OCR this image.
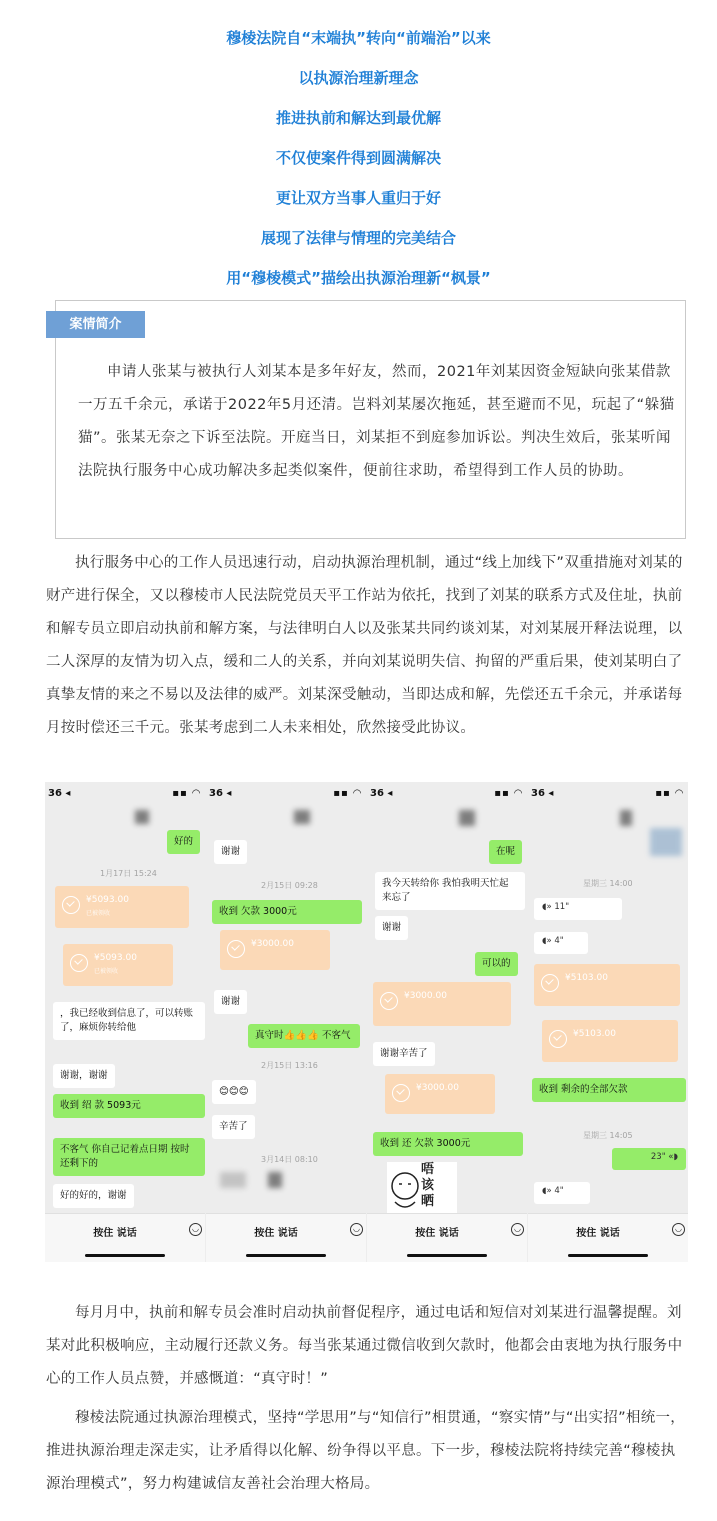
穆棱法院自“末端执”转向“前端治”以来

以执源治理新理念

推进执前和解达到最优解

不仅使案件得到圆满解决

更让双方当事人重归于好

展现了法律与情理的完美结合

用“穆棱模式”描绘出执源治理新“枫景”

案情简介

申请人张某与被执行人刘某本是多年好友，然而，2021年刘某因资金短缺向张某借款一万五千余元，承诺于2022年5月还清。岂料刘某屡次拖延，甚至避而不见，玩起了“躲猫猫”。张某无奈之下诉至法院。开庭当日，刘某拒不到庭参加诉讼。判决生效后，张某听闻法院执行服务中心成功解决多起类似案件，便前往求助，希望得到工作人员的协助。

执行服务中心的工作人员迅速行动，启动执源治理机制，通过“线上加线下”双重措施对刘某的财产进行保全，又以穆棱市人民法院党员天平工作站为依托，找到了刘某的联系方式及住址，执前和解专员立即启动执前和解方案，与法律明白人以及张某共同约谈刘某，对刘某展开释法说理，以二人深厚的友情为切入点，缓和二人的关系，并向刘某说明失信、拘留的严重后果，使刘某明白了真挚友情的来之不易以及法律的威严。刘某深受触动，当即达成和解，先偿还五千余元，并承诺每月按时偿还三千元。张某考虑到二人未来相处，欣然接受此协议。

36 ◂	▪▪ ◠
好的
1月17日 15:24
¥5093.00
已被领收
¥5093.00
已被领收
，我已经收到信息了，可以转账了，麻烦你转给他
谢谢，谢谢
收到 绍 款 5093元
不客气 你自己记着点日期 按时还剩下的
好的好的，谢谢
按住 说话	◡
36 ◂	▪▪ ◠
谢谢
2月15日 09:28
收到 欠款 3000元
¥3000.00
谢谢
真守时👍👍👍 不客气
2月15日 13:16
😊😊😊
辛苦了
3月14日 08:10
按住 说话	◡
36 ◂	▪▪ ◠
在呢
我今天转给你 我怕我明天忙起来忘了
谢谢
可以的
¥3000.00
谢谢辛苦了
¥3000.00
收到 还 欠款 3000元
唔 该 晒
按住 说话	◡
36 ◂	▪▪ ◠
星期三 14:00
◖» 11"
◖» 4"
¥5103.00
¥5103.00
收到 剩余的全部欠款
星期三 14:05
23" «◗
◖» 4"
按住 说话	◡

每月月中，执前和解专员会准时启动执前督促程序，通过电话和短信对刘某进行温馨提醒。刘某对此积极响应，主动履行还款义务。每当张某通过微信收到欠款时，他都会由衷地为执行服务中心的工作人员点赞，并感慨道：“真守时！”

穆棱法院通过执源治理模式，坚持“学思用”与“知信行”相贯通，“察实情”与“出实招”相统一，推进执源治理走深走实，让矛盾得以化解、纷争得以平息。下一步，穆棱法院将持续完善“穆棱执源治理模式”，努力构建诚信友善社会治理大格局。
